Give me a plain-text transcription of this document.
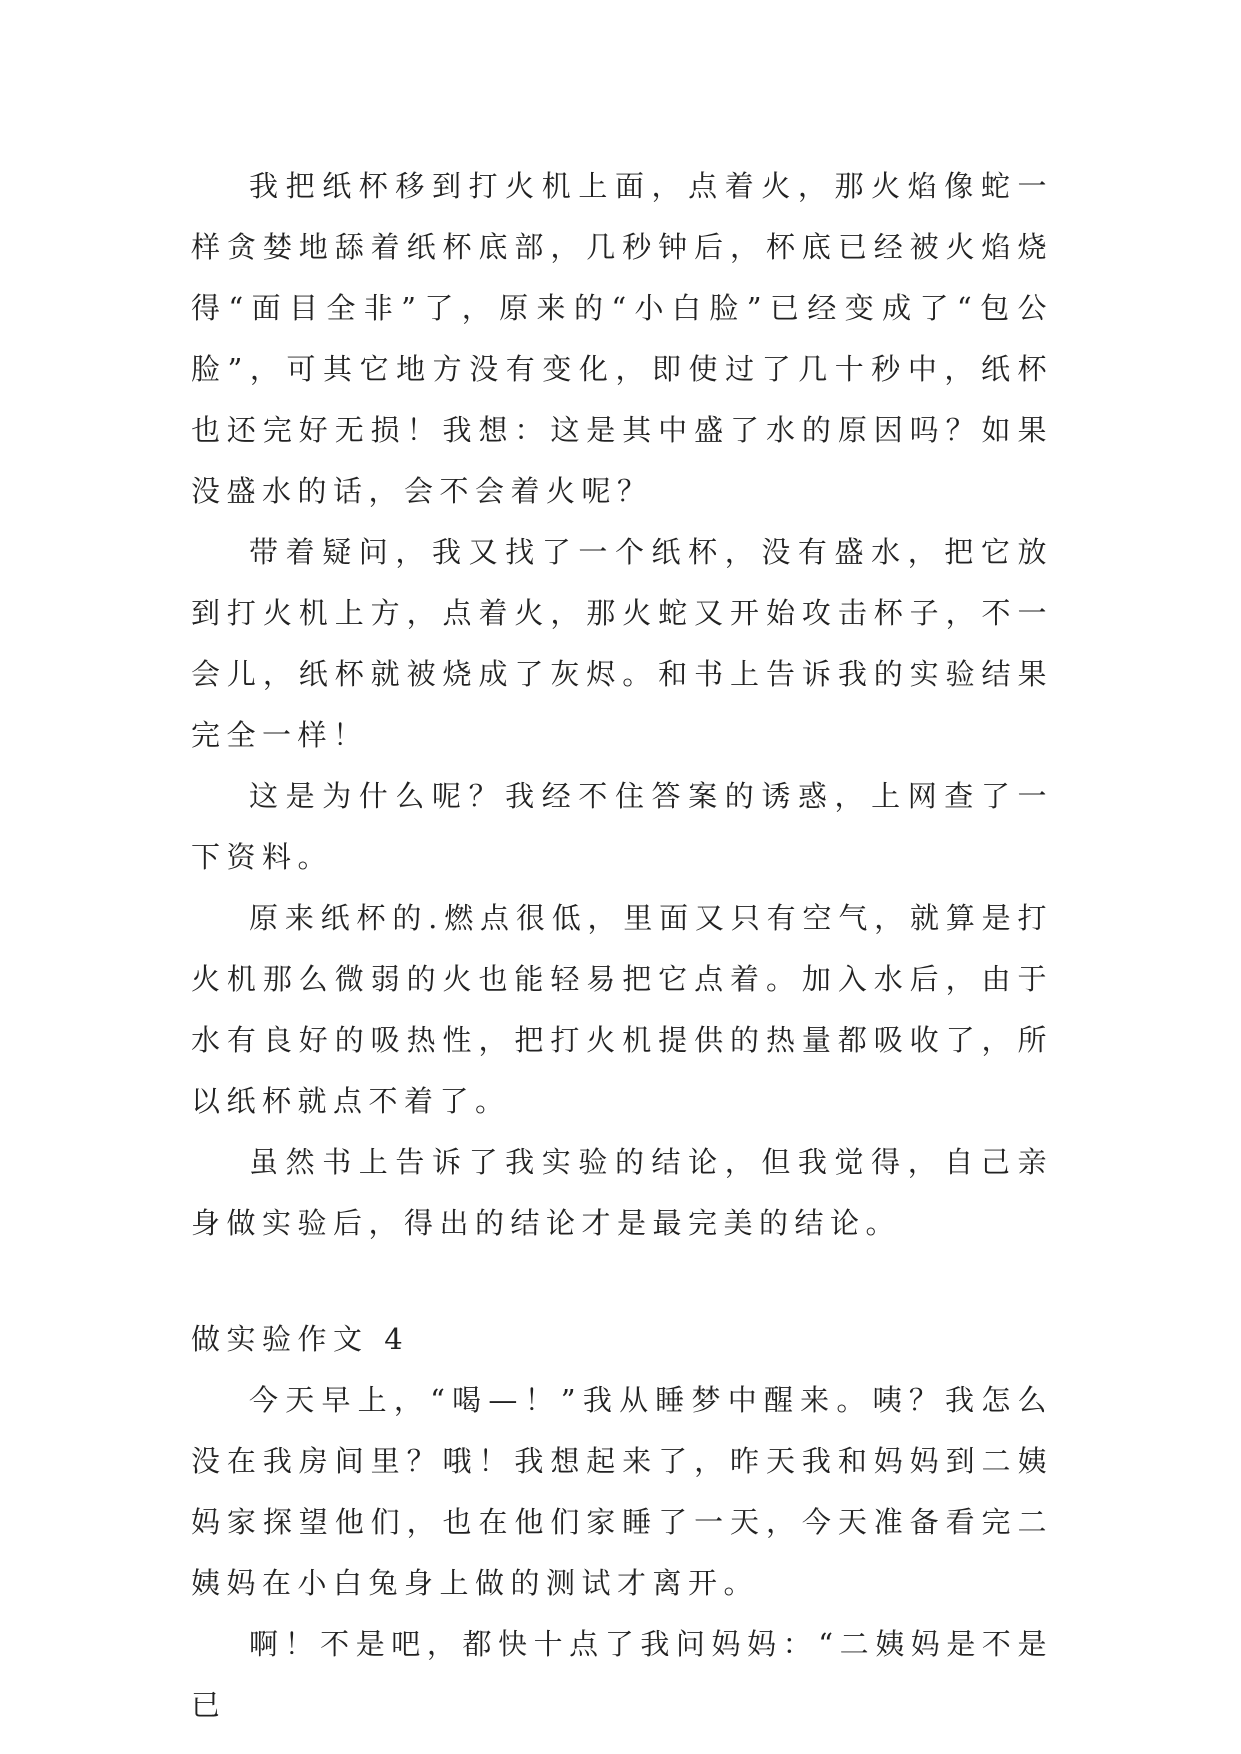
我把纸杯移到打火机上面，点着火，那火焰像蛇一样贪婪地舔着纸杯底部，几秒钟后，杯底已经被火焰烧得“面目全非”了，原来的“小白脸”已经变成了“包公脸”，可其它地方没有变化，即使过了几十秒中，纸杯也还完好无损！我想：这是其中盛了水的原因吗？如果没盛水的话，会不会着火呢？

带着疑问，我又找了一个纸杯，没有盛水，把它放到打火机上方，点着火，那火蛇又开始攻击杯子，不一会儿，纸杯就被烧成了灰烬。和书上告诉我的实验结果完全一样！

这是为什么呢？我经不住答案的诱惑，上网查了一下资料。

原来纸杯的.燃点很低，里面又只有空气，就算是打火机那么微弱的火也能轻易把它点着。加入水后，由于水有良好的吸热性，把打火机提供的热量都吸收了，所以纸杯就点不着了。

虽然书上告诉了我实验的结论，但我觉得，自己亲身做实验后，得出的结论才是最完美的结论。

做实验作文 4

今天早上，“喝—！”我从睡梦中醒来。咦？我怎么没在我房间里？哦！我想起来了，昨天我和妈妈到二姨妈家探望他们，也在他们家睡了一天，今天准备看完二姨妈在小白兔身上做的测试才离开。

啊！不是吧，都快十点了我问妈妈：“二姨妈是不是已
